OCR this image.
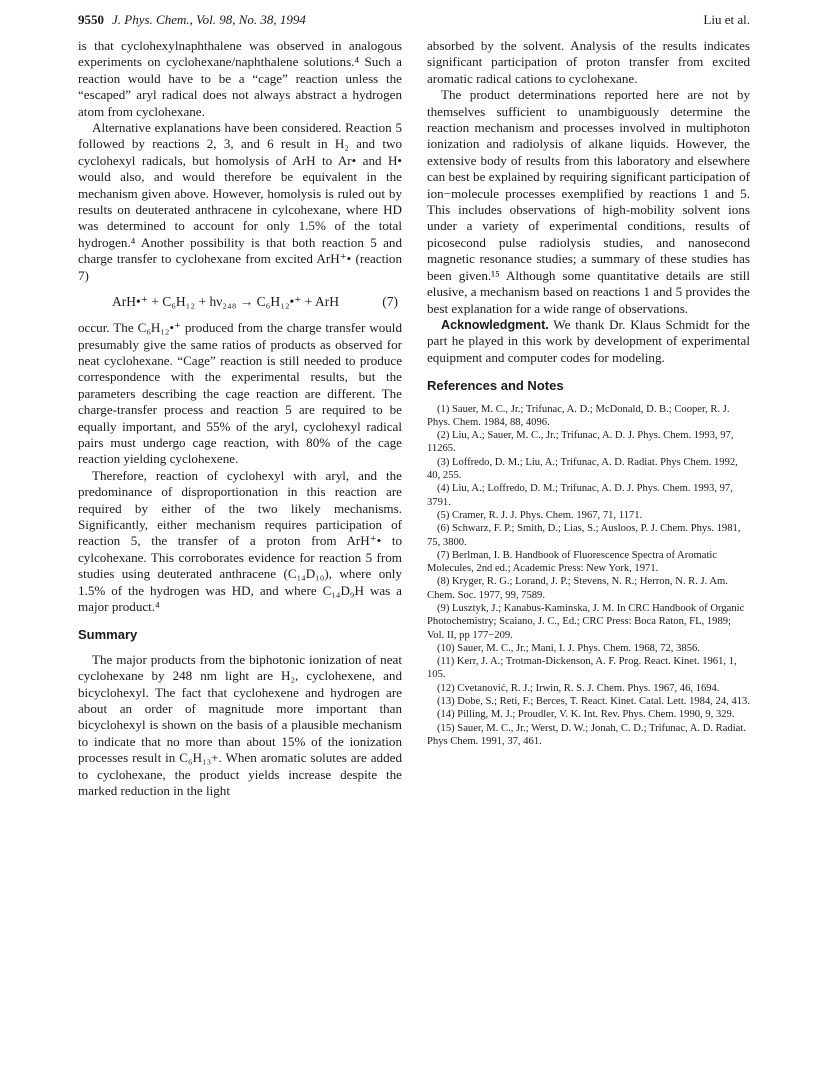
9550 J. Phys. Chem., Vol. 98, No. 38, 1994	Liu et al.

is that cyclohexylnaphthalene was observed in analogous experiments on cyclohexane/naphthalene solutions.⁴ Such a reaction would have to be a “cage” reaction unless the “escaped” aryl radical does not always abstract a hydrogen atom from cyclohexane.

Alternative explanations have been considered. Reaction 5 followed by reactions 2, 3, and 6 result in H₂ and two cyclohexyl radicals, but homolysis of ArH to Ar• and H• would also, and would therefore be equivalent in the mechanism given above. However, homolysis is ruled out by results on deuterated anthracene in cylcohexane, where HD was determined to account for only 1.5% of the total hydrogen.⁴ Another possibility is that both reaction 5 and charge transfer to cyclohexane from excited ArH⁺• (reaction 7)

ArH•⁺ + C₆H₁₂ + hν₂₄₈ → C₆H₁₂•⁺ + ArH	(7)

occur. The C₆H₁₂•⁺ produced from the charge transfer would presumably give the same ratios of products as observed for neat cyclohexane. “Cage” reaction is still needed to produce correspondence with the experimental results, but the parameters describing the cage reaction are different. The charge-transfer process and reaction 5 are required to be equally important, and 55% of the aryl, cyclohexyl radical pairs must undergo cage reaction, with 80% of the cage reaction yielding cyclohexene.

Therefore, reaction of cyclohexyl with aryl, and the predominance of disproportionation in this reaction are required by either of the two likely mechanisms. Significantly, either mechanism requires participation of reaction 5, the transfer of a proton from ArH⁺• to cylcohexane. This corroborates evidence for reaction 5 from studies using deuterated anthracene (C₁₄D₁₀), where only 1.5% of the hydrogen was HD, and where C₁₄D₉H was a major product.⁴

Summary

The major products from the biphotonic ionization of neat cyclohexane by 248 nm light are H₂, cyclohexene, and bicyclohexyl. The fact that cyclohexene and hydrogen are about an order of magnitude more important than bicyclohexyl is shown on the basis of a plausible mechanism to indicate that no more than about 15% of the ionization processes result in C₆H₁₃+. When aromatic solutes are added to cyclohexane, the product yields increase despite the marked reduction in the light

absorbed by the solvent. Analysis of the results indicates significant participation of proton transfer from excited aromatic radical cations to cyclohexane.

The product determinations reported here are not by themselves sufficient to unambiguously determine the reaction mechanism and processes involved in multiphoton ionization and radiolysis of alkane liquids. However, the extensive body of results from this laboratory and elsewhere can best be explained by requiring significant participation of ion−molecule processes exemplified by reactions 1 and 5. This includes observations of high-mobility solvent ions under a variety of experimental conditions, results of picosecond pulse radiolysis studies, and nanosecond magnetic resonance studies; a summary of these studies has been given.¹⁵ Although some quantitative details are still elusive, a mechanism based on reactions 1 and 5 provides the best explanation for a wide range of observations.

Acknowledgment. We thank Dr. Klaus Schmidt for the part he played in this work by development of experimental equipment and computer codes for modeling.

References and Notes

(1) Sauer, M. C., Jr.; Trifunac, A. D.; McDonald, D. B.; Cooper, R. J. Phys. Chem. 1984, 88, 4096.

(2) Liu, A.; Sauer, M. C., Jr.; Trifunac, A. D. J. Phys. Chem. 1993, 97, 11265.

(3) Loffredo, D. M.; Liu, A.; Trifunac, A. D. Radiat. Phys Chem. 1992, 40, 255.

(4) Liu, A.; Loffredo, D. M.; Trifunac, A. D. J. Phys. Chem. 1993, 97, 3791.

(5) Cramer, R. J. J. Phys. Chem. 1967, 71, 1171.

(6) Schwarz, F. P.; Smith, D.; Lias, S.; Ausloos, P. J. Chem. Phys. 1981, 75, 3800.

(7) Berlman, I. B. Handbook of Fluorescence Spectra of Aromatic Molecules, 2nd ed.; Academic Press: New York, 1971.

(8) Kryger, R. G.; Lorand, J. P.; Stevens, N. R.; Herron, N. R. J. Am. Chem. Soc. 1977, 99, 7589.

(9) Lusztyk, J.; Kanabus-Kaminska, J. M. In CRC Handbook of Organic Photochemistry; Scaiano, J. C., Ed.; CRC Press: Boca Raton, FL, 1989; Vol. II, pp 177−209.

(10) Sauer, M. C., Jr.; Mani, I. J. Phys. Chem. 1968, 72, 3856.

(11) Kerr, J. A.; Trotman-Dickenson, A. F. Prog. React. Kinet. 1961, 1, 105.

(12) Cvetanović, R. J.; Irwin, R. S. J. Chem. Phys. 1967, 46, 1694.

(13) Dobe, S.; Reti, F.; Berces, T. React. Kinet. Catal. Lett. 1984, 24, 413.

(14) Pilling, M. J.; Proudler, V. K. Int. Rev. Phys. Chem. 1990, 9, 329.

(15) Sauer, M. C., Jr.; Werst, D. W.; Jonah, C. D.; Trifunac, A. D. Radiat. Phys Chem. 1991, 37, 461.
